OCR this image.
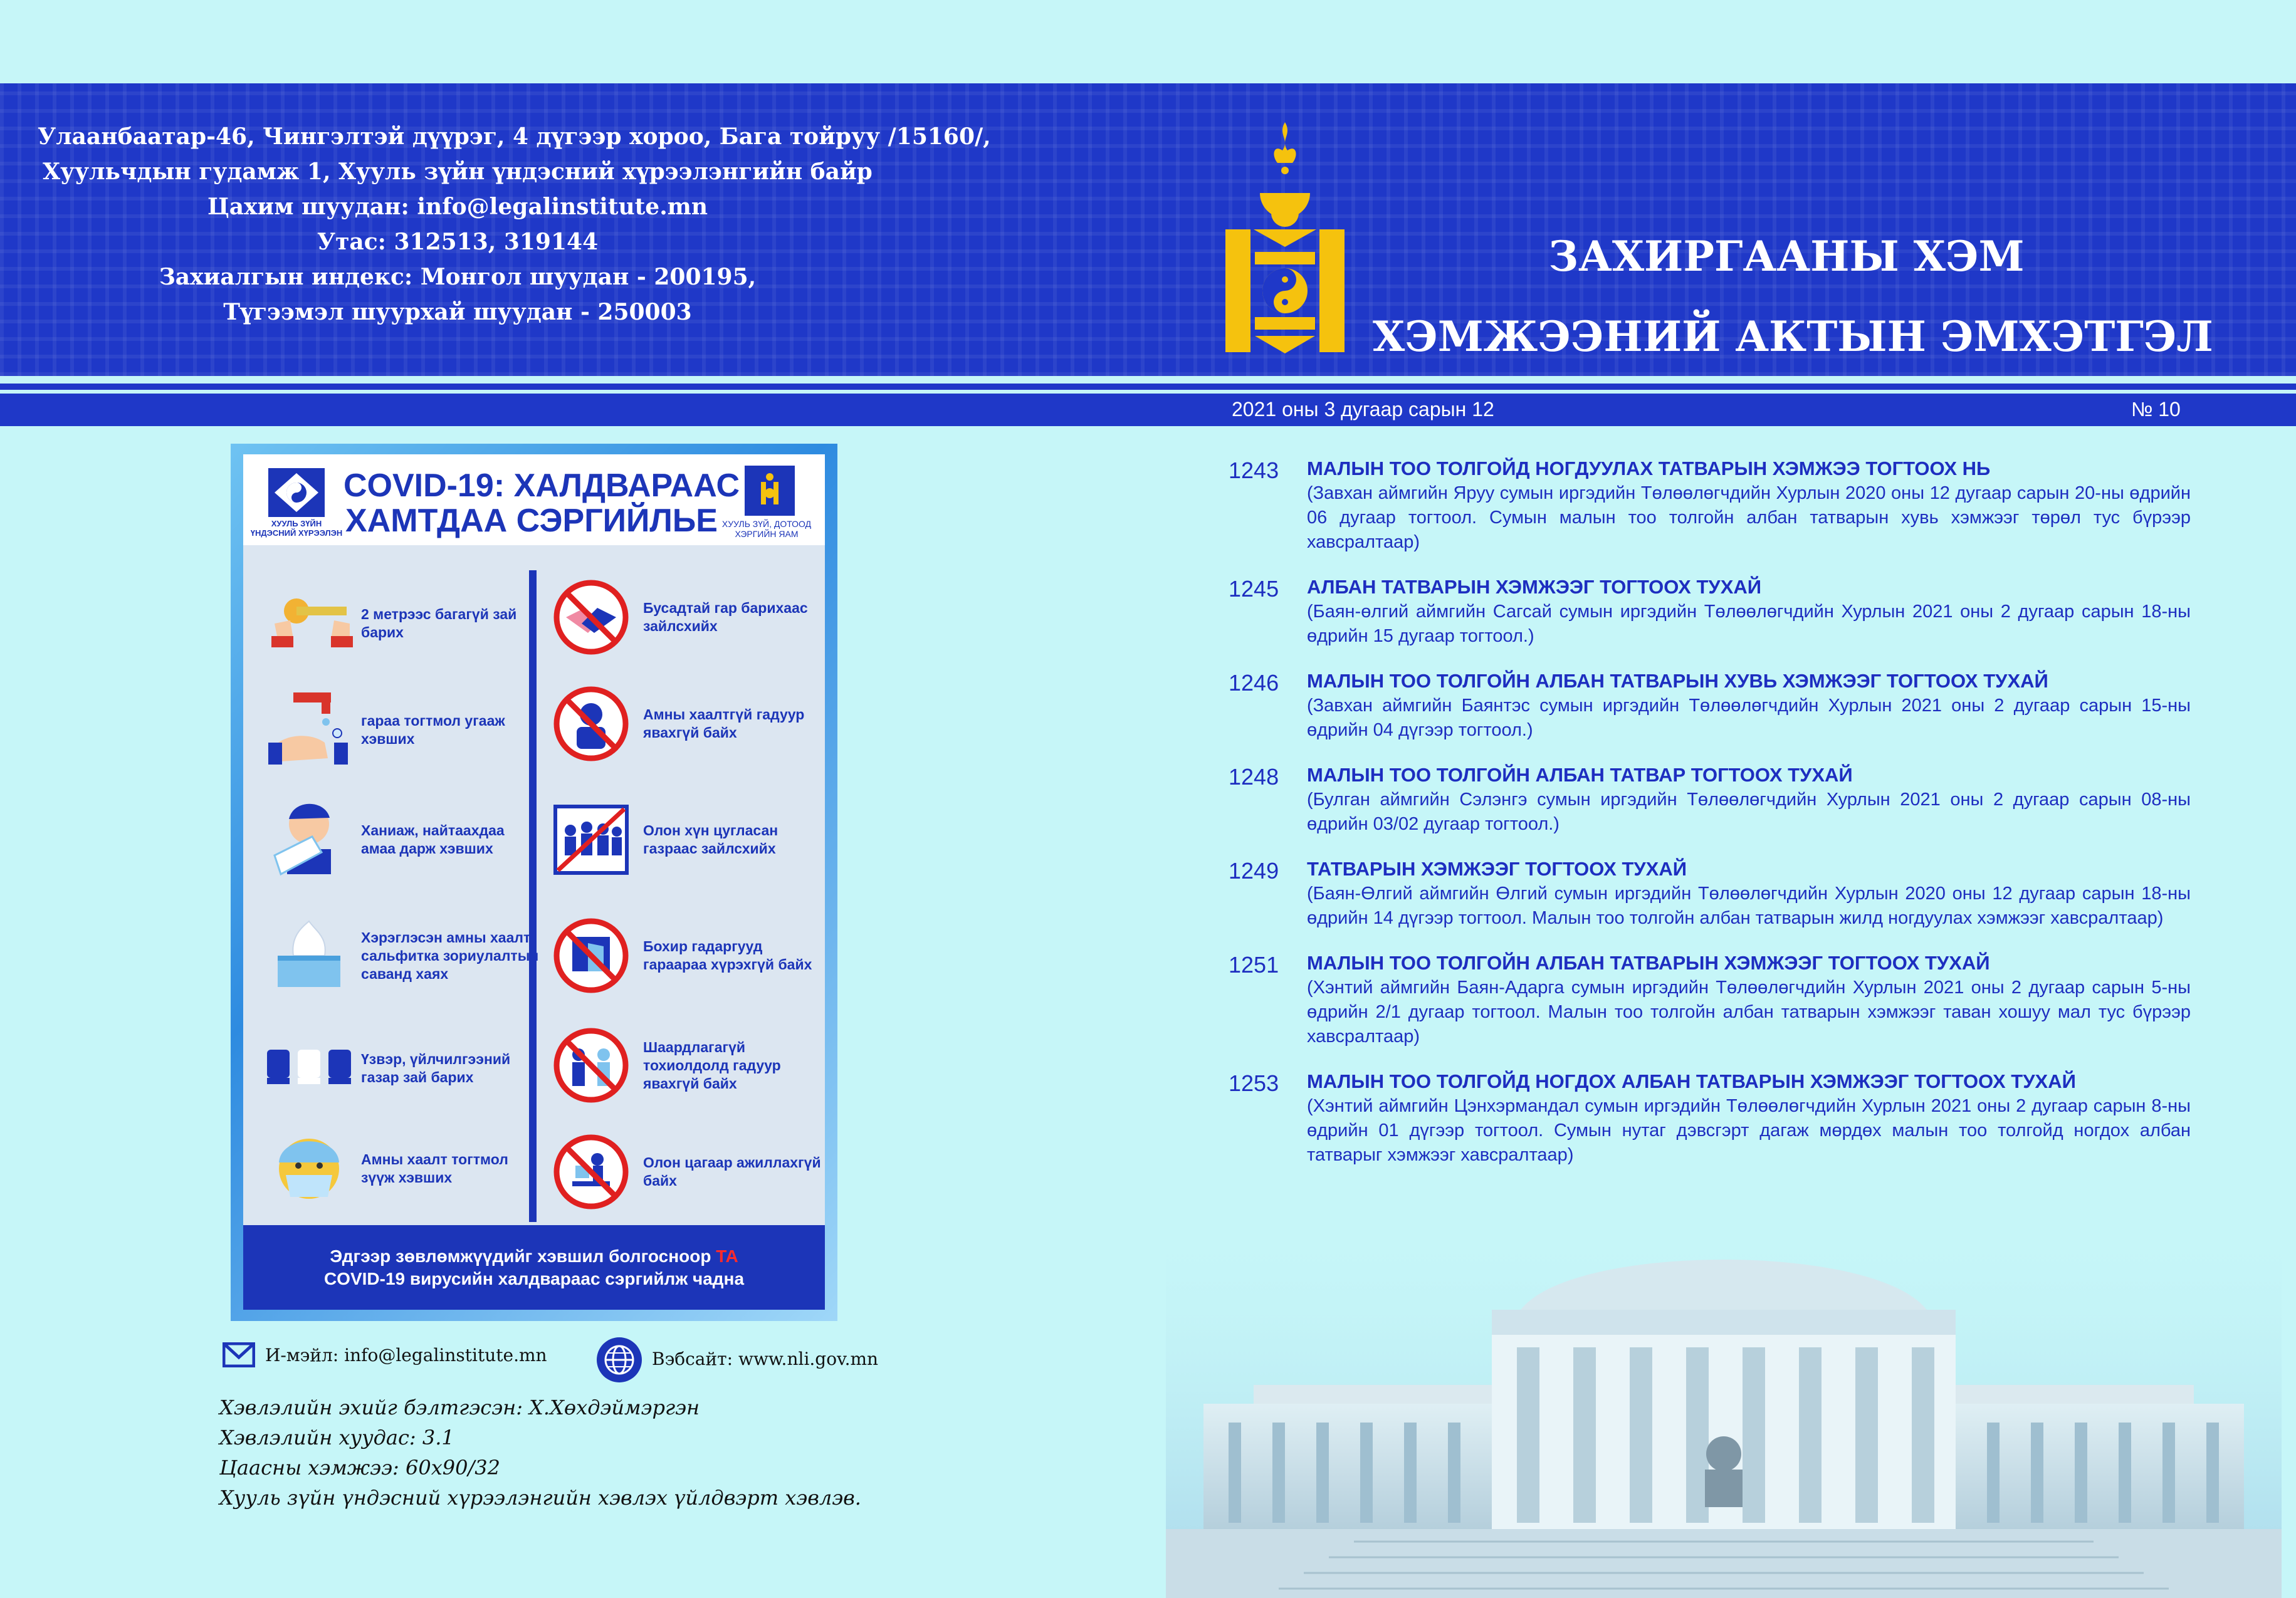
Улаанбаатар-46, Чингэлтэй дүүрэг, 4 дүгээр хороо, Бага тойруу /15160/,
Хуульчдын гудамж 1, Хууль зүйн үндэсний хүрээлэнгийн байр
Цахим шуудан: info@legalinstitute.mn
Утас: 312513, 319144
Захиалгын индекс: Монгол шуудан - 200195,
Түгээмэл шуурхай шуудан - 250003
ЗАХИРГААНЫ ХЭМ
ХЭМЖЭЭНИЙ АКТЫН ЭМХЭТГЭЛ
2021 оны 3 дугаар сарын 12	№ 10
1243 МАЛЫН ТОО ТОЛГОЙД НОГДУУЛАХ ТАТВАРЫН ХЭМЖЭЭ ТОГТООХ НЬ
(Завхан аймгийн Яруу сумын иргэдийн Төлөөлөгчдийн Хурлын 2020 оны 12 дугаар сарын 20-ны өдрийн 06 дугаар тогтоол. Сумын малын тоо толгойн албан татварын хувь хэмжээг төрөл тус бүрээр хавсралтаар)
1245 АЛБАН ТАТВАРЫН ХЭМЖЭЭГ ТОГТООХ ТУХАЙ
(Баян-өлгий аймгийн Сагсай сумын иргэдийн Төлөөлөгчдийн Хурлын 2021 оны 2 дугаар сарын 18-ны өдрийн 15 дугаар тогтоол.)
1246 МАЛЫН ТОО ТОЛГОЙН АЛБАН ТАТВАРЫН ХУВЬ ХЭМЖЭЭГ ТОГТООХ ТУХАЙ
(Завхан аймгийн Баянтэс сумын иргэдийн Төлөөлөгчдийн Хурлын 2021 оны 2 дугаар сарын 15-ны өдрийн 04 дүгээр тогтоол.)
1248 МАЛЫН ТОО ТОЛГОЙН АЛБАН ТАТВАР ТОГТООХ ТУХАЙ
(Булган аймгийн Сэлэнгэ сумын иргэдийн Төлөөлөгчдийн Хурлын 2021 оны 2 дугаар сарын 08-ны өдрийн 03/02 дугаар тогтоол.)
1249 ТАТВАРЫН ХЭМЖЭЭГ ТОГТООХ ТУХАЙ
(Баян-Өлгий аймгийн Өлгий сумын иргэдийн Төлөөлөгчдийн Хурлын 2020 оны 12 дугаар сарын 18-ны өдрийн 14 дүгээр тогтоол. Малын тоо толгойн албан татварын жилд ногдуулах хэмжээг хавсралтаар)
1251 МАЛЫН ТОО ТОЛГОЙН АЛБАН ТАТВАРЫН ХЭМЖЭЭГ ТОГТООХ ТУХАЙ
(Хэнтий аймгийн Баян-Адарга сумын иргэдийн Төлөөлөгчдийн Хурлын 2021 оны 2 дугаар сарын 5-ны өдрийн 2/1 дугаар тогтоол. Малын тоо толгойн албан татварын хэмжээг таван хошуу мал тус бүрээр хавсралтаар)
1253 МАЛЫН ТОО ТОЛГОЙД НОГДОХ АЛБАН ТАТВАРЫН ХЭМЖЭЭГ ТОГТООХ ТУХАЙ
(Хэнтий аймгийн Цэнхэрмандал сумын иргэдийн Төлөөлөгчдийн Хурлын 2021 оны 2 дугаар сарын 8-ны өдрийн 01 дүгээр тогтоол. Сумын нутаг дэвсгэрт дагаж мөрдөх малын тоо толгойд ногдох албан татварыг хэмжээг хавсралтаар)
ХУУЛЬ ЗҮЙН
ҮНДЭСНИЙ ХҮРЭЭЛЭН
COVID-19: ХАЛДВАРААС
ХАМТДАА СЭРГИЙЛЬЕ ХУУЛЬ ЗҮЙ, ДОТООД
ХЭРГИЙН ЯАМ
2 метрээс багагүй зай барих
гараа тогтмол угааж хэвших
Ханиаж, найтаахдаа амаа дарж хэвших
Хэрэглэсэн амны хаалт, сальфитка зориулалтын саванд хаях
Үзвэр, үйлчилгээний газар зай барих
Амны хаалт тогтмол зүүж хэвших
Бусадтай гар барихаас зайлсхийх
Амны хаалтгүй гадуур явахгүй байх
Олон хүн цугласан газраас зайлсхийх
Бохир гадаргууд гараараа хүрэхгүй байх
Шаардлагагүй тохиолдолд гадуур явахгүй байх
Олон цагаар ажиллахгүй байх
Эдгээр зөвлөмжүүдийг хэвшил болгосноор ТА
COVID-19 вирусийн халдвараас сэргийлж чадна
И-мэйл: info@legalinstitute.mn	Вэбсайт: www.nli.gov.mn
Хэвлэлийн эхийг бэлтгэсэн: Х.Хөхдэймэргэн
Хэвлэлийн хуудас: 3.1
Цаасны хэмжээ: 60х90/32
Хууль зүйн үндэсний хүрээлэнгийн хэвлэх үйлдвэрт хэвлэв.
